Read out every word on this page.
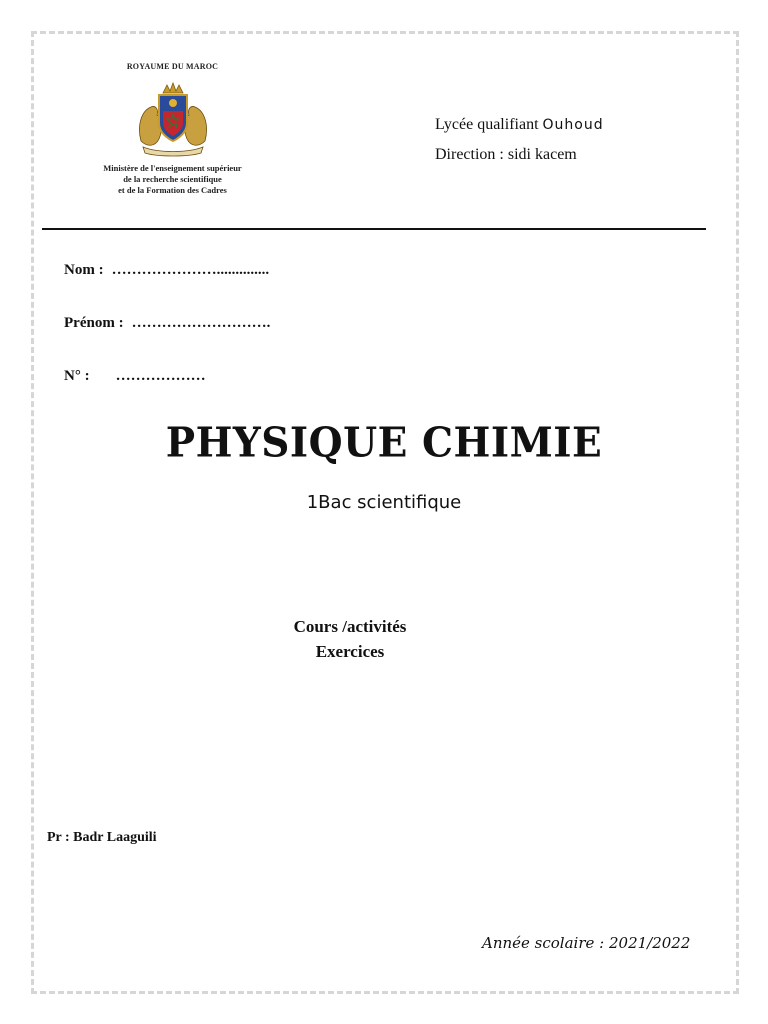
ROYAUME DU MAROC
Ministère de l'enseignement supérieur
de la recherche scientifique
et de la Formation des Cadres
Lycée qualifiant Ouhoud
Direction : sidi kacem
Nom : …………………..............
Prénom : ……………………….
N° : ………………
PHYSIQUE CHIMIE
1Bac scientifique
Cours /activités
Exercices
Pr : Badr Laaguili
Année scolaire : 2021/2022
